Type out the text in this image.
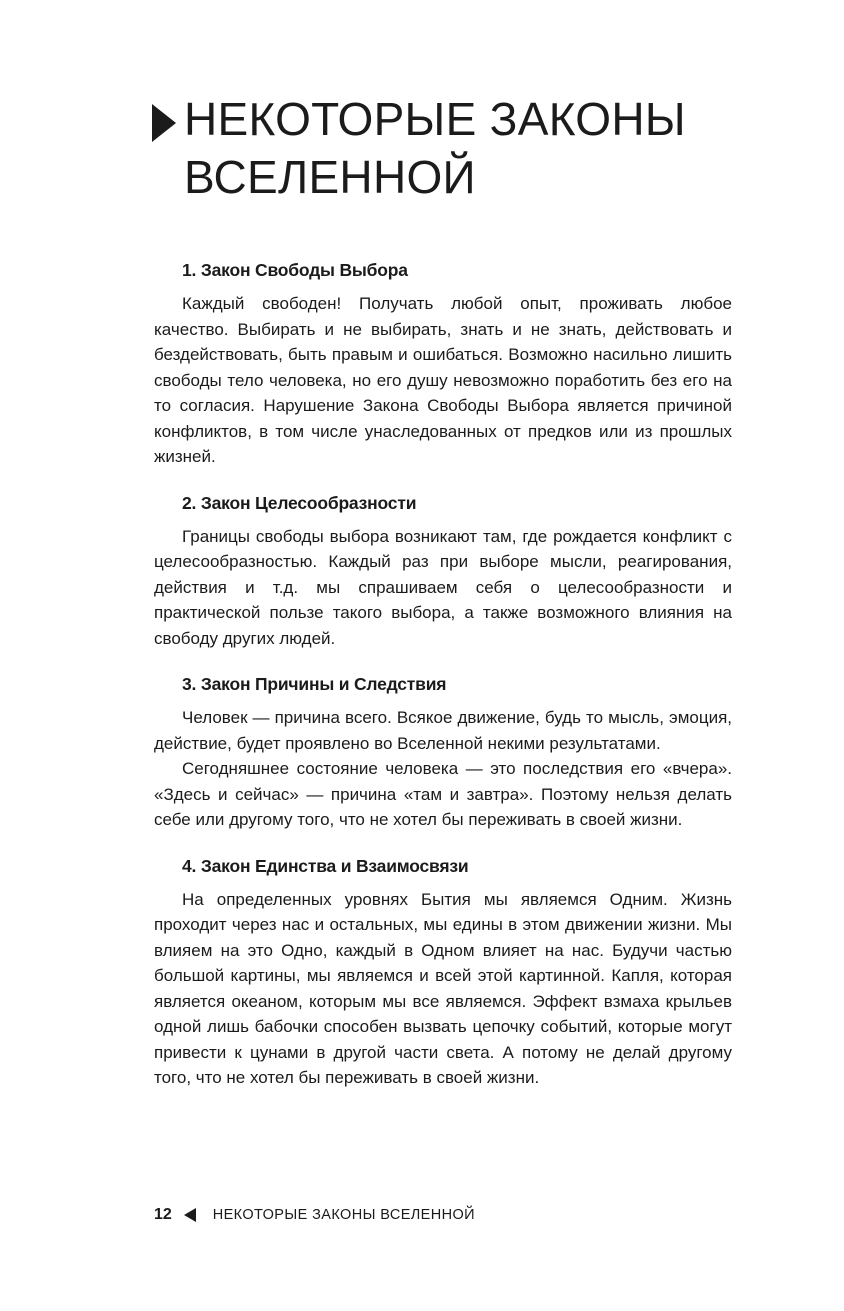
НЕКОТОРЫЕ ЗАКОНЫ ВСЕЛЕННОЙ
1. Закон Свободы Выбора

Каждый свободен! Получать любой опыт, проживать любое качество. Выбирать и не выбирать, знать и не знать, действовать и бездействовать, быть правым и ошибаться. Возможно насильно лишить свободы тело человека, но его душу невозможно поработить без его на то согласия. Нарушение Закона Свободы Выбора является причиной конфликтов, в том числе унаследованных от предков или из прошлых жизней.

2. Закон Целесообразности

Границы свободы выбора возникают там, где рождается конфликт с целесообразностью. Каждый раз при выборе мысли, реагирования, действия и т.д. мы спрашиваем себя о целесообразности и практической пользе такого выбора, а также возможного влияния на свободу других людей.

3. Закон Причины и Следствия

Человек — причина всего. Всякое движение, будь то мысль, эмоция, действие, будет проявлено во Вселенной некими результатами.

Сегодняшнее состояние человека — это последствия его «вчера». «Здесь и сейчас» — причина «там и завтра». Поэтому нельзя делать себе или другому того, что не хотел бы переживать в своей жизни.

4. Закон Единства и Взаимосвязи

На определенных уровнях Бытия мы являемся Одним. Жизнь проходит через нас и остальных, мы едины в этом движении жизни. Мы влияем на это Одно, каждый в Одном влияет на нас. Будучи частью большой картины, мы являемся и всей этой картинной. Капля, которая является океаном, которым мы все являемся. Эффект взмаха крыльев одной лишь бабочки способен вызвать цепочку событий, которые могут привести к цунами в другой части света. А потому не делай другому того, что не хотел бы переживать в своей жизни.

12	НЕКОТОРЫЕ ЗАКОНЫ ВСЕЛЕННОЙ
